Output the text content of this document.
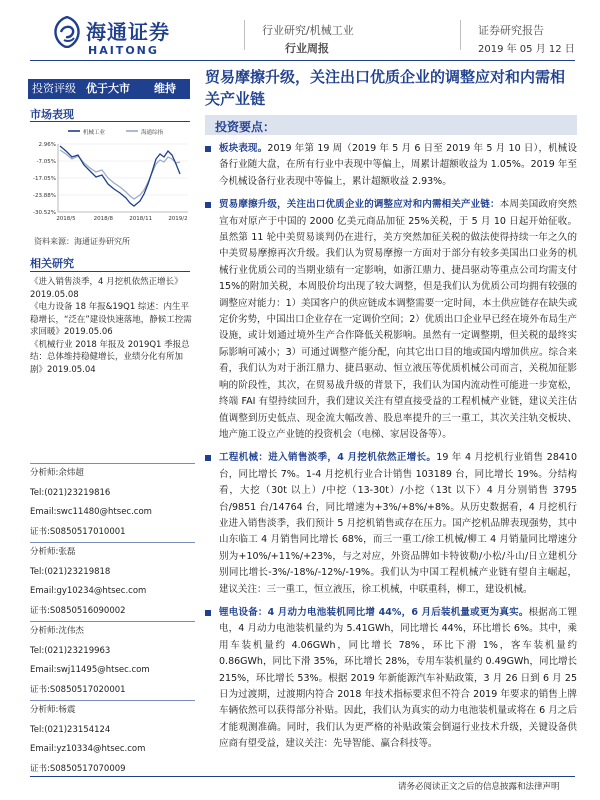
海通证券
HAITONG
行业研究/机械工业
行业周报
证券研究报告
2019 年 05 月 12 日
贸易摩擦升级，关注出口优质企业的调整应对和内需相关产业链
投资评级 优于大市 维持
市场表现
机械工业	海通综指
2.96%
-7.05%
-17.05%
-23.88%
-30.52%
2018/5	2018/8	2018/11	2019/2
资料来源：海通证券研究所
相关研究
《进入销售淡季，4 月挖机依然正增长》2019.05.08
《电力设备 18 年报&19Q1 综述：内生平稳增长，“泛在”建设快速落地，静候工控需求回暖》2019.05.06
《机械行业 2018 年报及 2019Q1 季报总结：总体维持稳健增长，业绩分化有所加剧》2019.05.04
分析师:余炜超
Tel:(021)23219816
Email:swc11480@htsec.com
证书:S0850517010001
分析师:张磊
Tel:(021)23219818
Email:gy10234@htsec.com
证书:S0850516090002
分析师:沈伟杰
Tel:(021)23219963
Email:swj11495@htsec.com
证书:S0850517020001
分析师:杨震
Tel:(021)23154124
Email:yz10334@htsec.com
证书:S0850517070009
投资要点：
板块表现。2019 年第 19 周（2019 年 5 月 6 日至 2019 年 5 月 10 日），机械设备行业随大盘，在所有行业中表现中等偏上，周累计超额收益为 1.05%。2019 年至今机械设备行业表现中等偏上，累计超额收益 2.93%。
贸易摩擦升级，关注出口优质企业的调整应对和内需相关产业链：本周美国政府突然宣布对原产于中国的 2000 亿美元商品加征 25%关税，于 5 月 10 日起开始征收。虽然第 11 轮中美贸易谈判仍在进行，美方突然加征关税的做法使得持续一年之久的中美贸易摩擦再次升级。我们认为贸易摩擦一方面对于部分有较多美国出口业务的机械行业优质公司的当期业绩有一定影响，如浙江鼎力、捷昌驱动等重点公司均需支付 15%的附加关税，本周股价均出现了较大调整，但是我们认为优质公司均拥有较强的调整应对能力：1）美国客户的供应链成本调整需要一定时间，本土供应链存在缺失或定价劣势，中国出口企业存在一定调价空间；2）优质出口企业早已经在境外布局生产设施，或计划通过境外生产合作降低关税影响。虽然有一定调整期，但关税的最终实际影响可减小；3）可通过调整产能分配，向其它出口目的地或国内增加供应。综合来看，我们认为对于浙江鼎力、捷昌驱动、恒立液压等优质机械公司而言，关税加征影响的阶段性，其次，在贸易战升级的背景下，我们认为国内流动性可能进一步宽松，终端 FAI 有望持续回升，我们建议关注有望直接受益的工程机械产业链，建议关注估值调整到历史低点、现金流大幅改善、股息率提升的三一重工，其次关注轨交板块、地产施工设立产业链的投资机会（电梯、家居设备等）。
工程机械：进入销售淡季，4 月挖机依然正增长。19 年 4 月挖机行业销售 28410 台，同比增长 7%。1-4 月挖机行业合计销售 103189 台，同比增长 19%。分结构看，大挖（30t 以上）/中挖（13-30t）/小挖（13t 以下）4 月分别销售 3795 台/9851 台/14764 台，同比增速为+3%/+8%/+8%。从历史数据看，4 月挖机行业进入销售淡季，我们预计 5 月挖机销售或存在压力。国产挖机品牌表现强势，其中山东临工 4 月销售同比增长 68%，而三一重工/徐工机械/柳工 4 月销量同比增速分别为+10%/+11%/+23%，与之对应，外资品牌如卡特彼勒/小松/斗山/日立建机分别同比增长-3%/-18%/-12%/-19%。我们认为中国工程机械产业链有望自主崛起，建议关注：三一重工，恒立液压，徐工机械，中联重科，柳工，建设机械。
锂电设备：4 月动力电池装机同比增 44%，6 月后装机量或更为真实。根据高工锂电，4 月动力电池装机量约为 5.41GWh，同比增长 44%，环比增长 6%。其中，乘用车装机量约 4.06GWh，同比增长 78%，环比下滑 1%，客车装机量约 0.86GWh，同比下滑 35%，环比增长 28%，专用车装机量约 0.49GWh，同比增长 215%，环比增长 53%。根据 2019 年新能源汽车补贴政策，3 月 26 日到 6 月 25 日为过渡期，过渡期内符合 2018 年技术指标要求但不符合 2019 年要求的销售上牌车辆依然可以获得部分补贴。因此，我们认为真实的动力电池装机量或将在 6 月之后才能观测准确。同时，我们认为更严格的补贴政策会倒逼行业技术升级，关键设备供应商有望受益，建议关注：先导智能、赢合科技等。
请务必阅读正文之后的信息披露和法律声明
